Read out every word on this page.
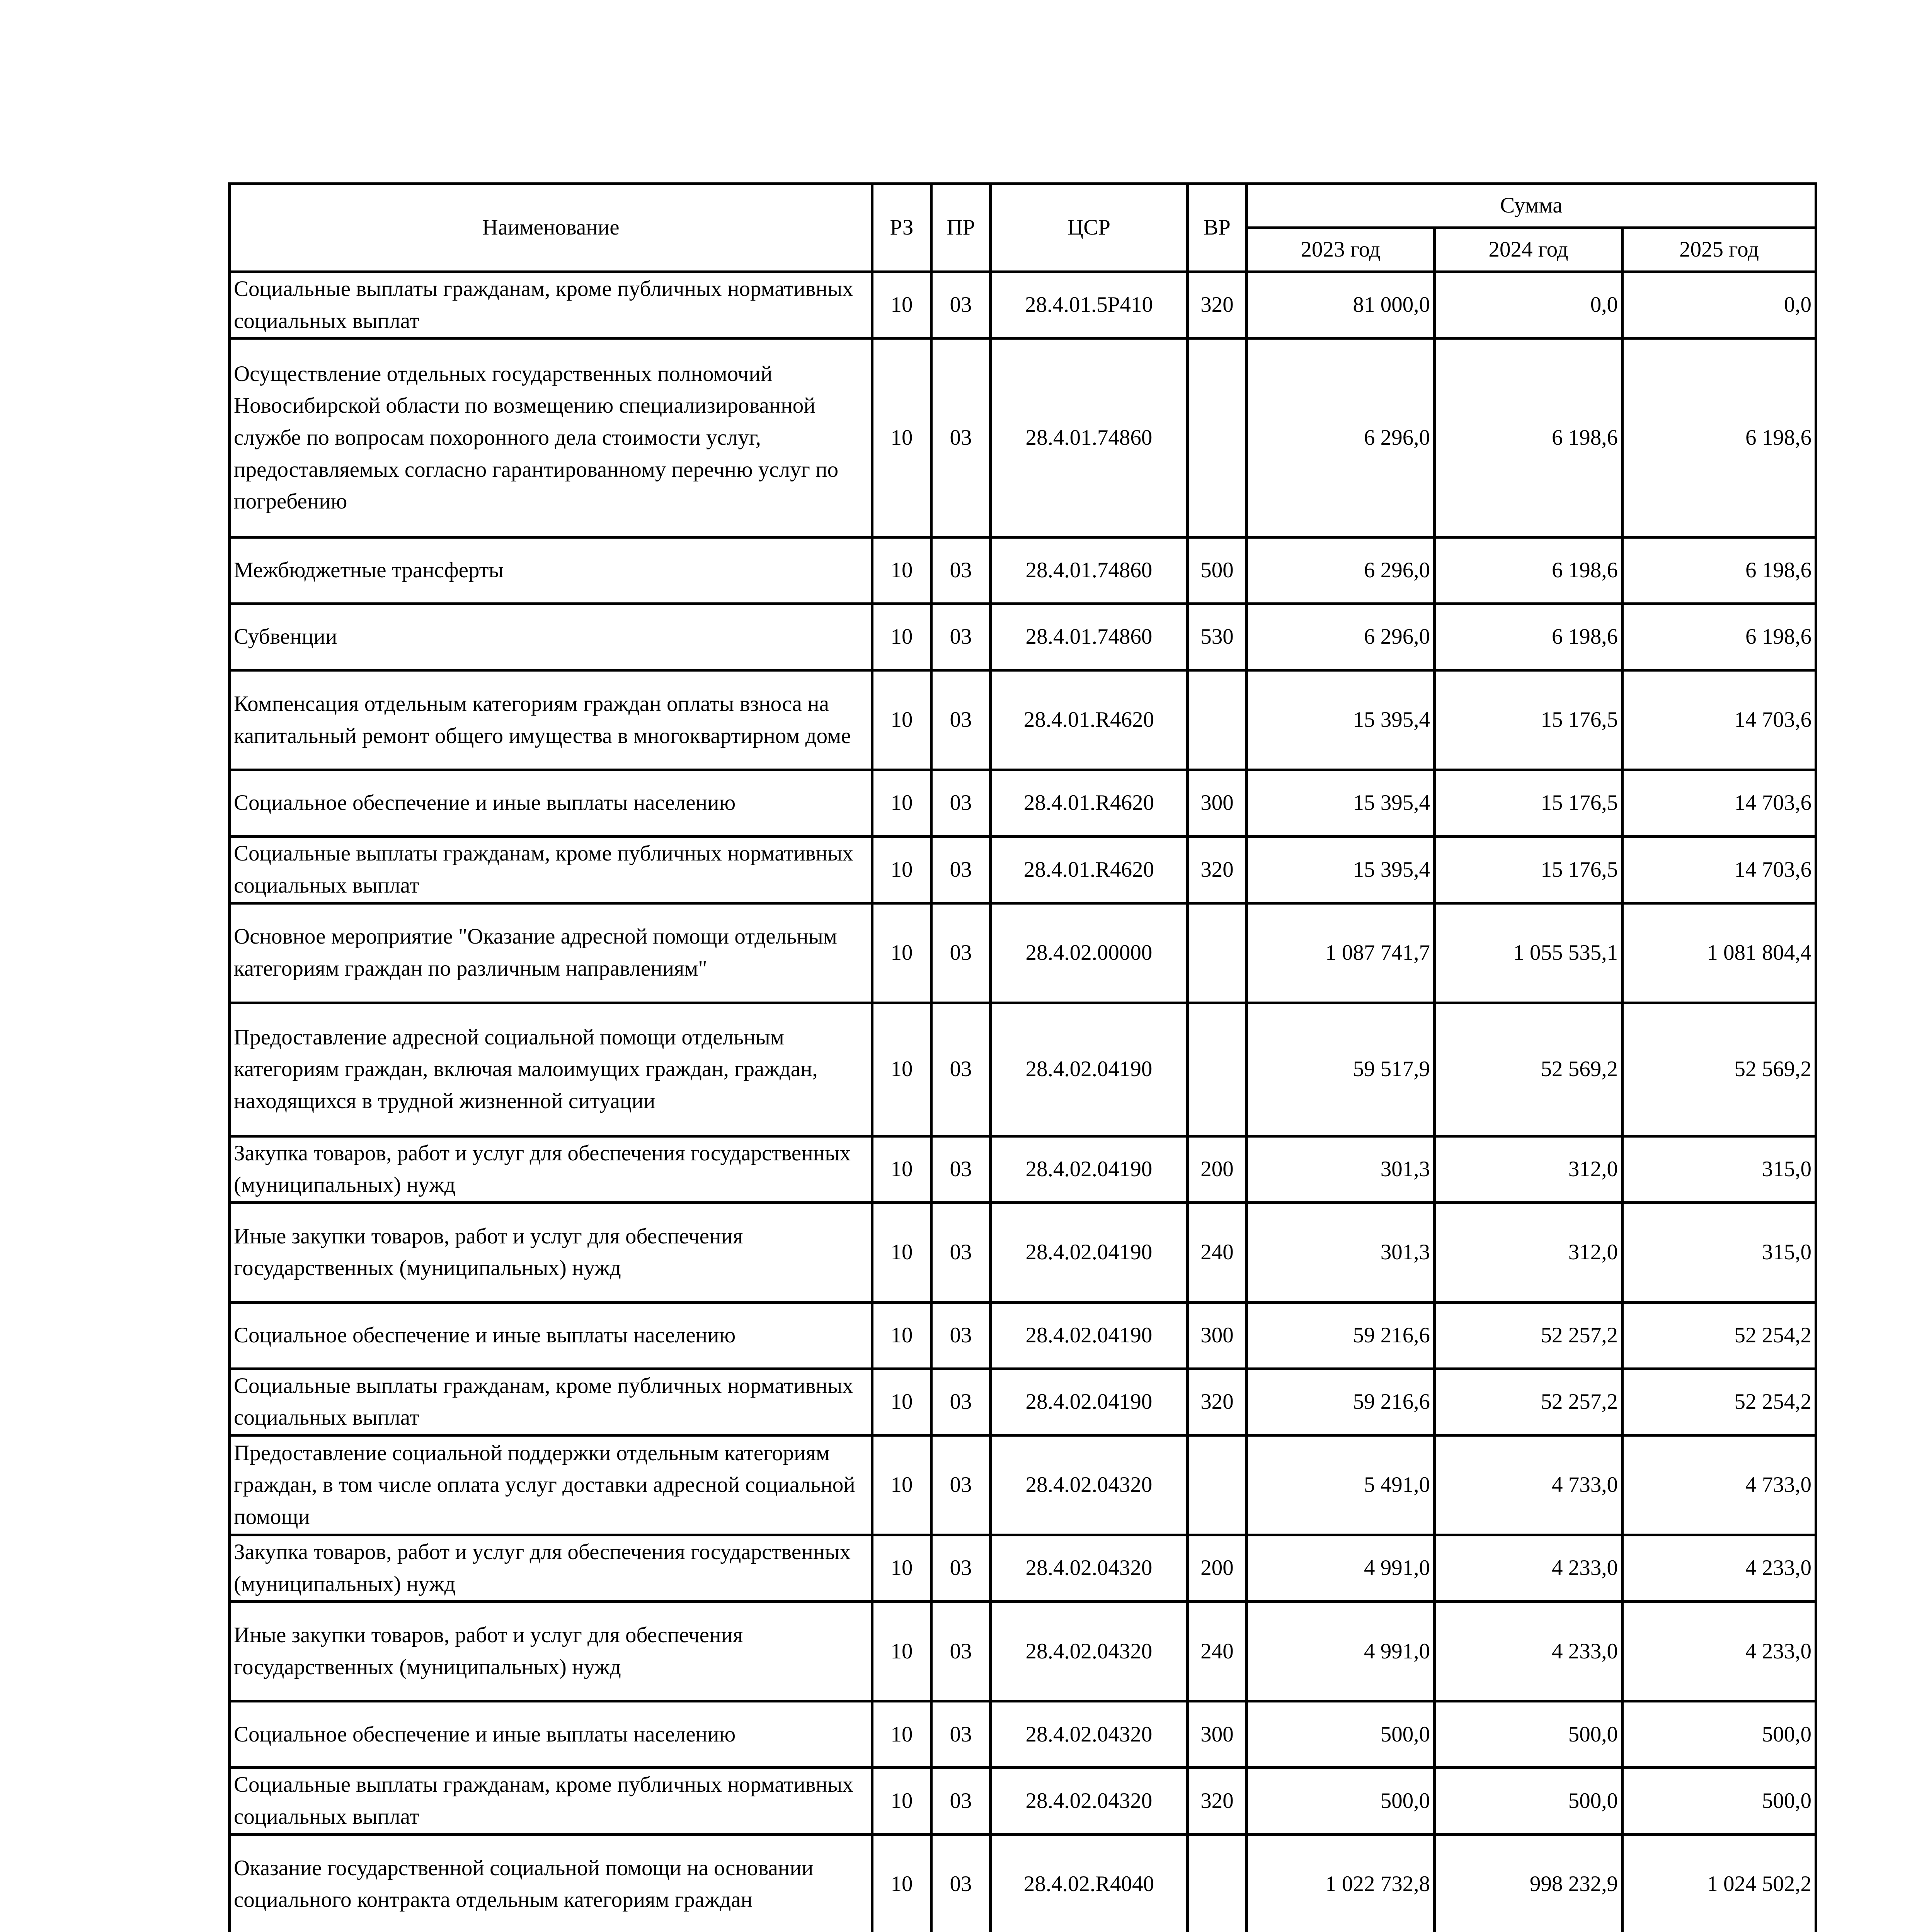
Наименование	РЗ	ПР	ЦСР	ВР	Сумма		
					2023 год	2024 год	2025 год
Социальные выплаты гражданам, кроме публичных нормативных социальных выплат	10	03	28.4.01.5Р410	320	81 000,0	0,0	0,0
Осуществление отдельных государственных полномочий Новосибирской области по возмещению специализированной службе по вопросам похоронного дела стоимости услуг, предоставляемых согласно гарантированному перечню услуг по погребению	10	03	28.4.01.74860		6 296,0	6 198,6	6 198,6
Межбюджетные трансферты	10	03	28.4.01.74860	500	6 296,0	6 198,6	6 198,6
Субвенции	10	03	28.4.01.74860	530	6 296,0	6 198,6	6 198,6
Компенсация отдельным категориям граждан оплаты взноса на капитальный ремонт общего имущества в многоквартирном доме	10	03	28.4.01.R4620		15 395,4	15 176,5	14 703,6
Социальное обеспечение и иные выплаты населению	10	03	28.4.01.R4620	300	15 395,4	15 176,5	14 703,6
Социальные выплаты гражданам, кроме публичных нормативных социальных выплат	10	03	28.4.01.R4620	320	15 395,4	15 176,5	14 703,6
Основное мероприятие "Оказание адресной помощи отдельным категориям граждан по различным направлениям"	10	03	28.4.02.00000		1 087 741,7	1 055 535,1	1 081 804,4
Предоставление адресной социальной помощи отдельным категориям граждан, включая малоимущих граждан, граждан, находящихся в трудной жизненной ситуации	10	03	28.4.02.04190		59 517,9	52 569,2	52 569,2
Закупка товаров, работ и услуг для обеспечения государственных (муниципальных) нужд	10	03	28.4.02.04190	200	301,3	312,0	315,0
Иные закупки товаров, работ и услуг для обеспечения государственных (муниципальных) нужд	10	03	28.4.02.04190	240	301,3	312,0	315,0
Социальное обеспечение и иные выплаты населению	10	03	28.4.02.04190	300	59 216,6	52 257,2	52 254,2
Социальные выплаты гражданам, кроме публичных нормативных социальных выплат	10	03	28.4.02.04190	320	59 216,6	52 257,2	52 254,2
Предоставление социальной поддержки отдельным категориям граждан, в том числе оплата услуг доставки адресной социальной помощи	10	03	28.4.02.04320		5 491,0	4 733,0	4 733,0
Закупка товаров, работ и услуг для обеспечения государственных (муниципальных) нужд	10	03	28.4.02.04320	200	4 991,0	4 233,0	4 233,0
Иные закупки товаров, работ и услуг для обеспечения государственных (муниципальных) нужд	10	03	28.4.02.04320	240	4 991,0	4 233,0	4 233,0
Социальное обеспечение и иные выплаты населению	10	03	28.4.02.04320	300	500,0	500,0	500,0
Социальные выплаты гражданам, кроме публичных нормативных социальных выплат	10	03	28.4.02.04320	320	500,0	500,0	500,0
Оказание государственной социальной помощи на основании социального контракта отдельным категориям граждан	10	03	28.4.02.R4040		1 022 732,8	998 232,9	1 024 502,2
